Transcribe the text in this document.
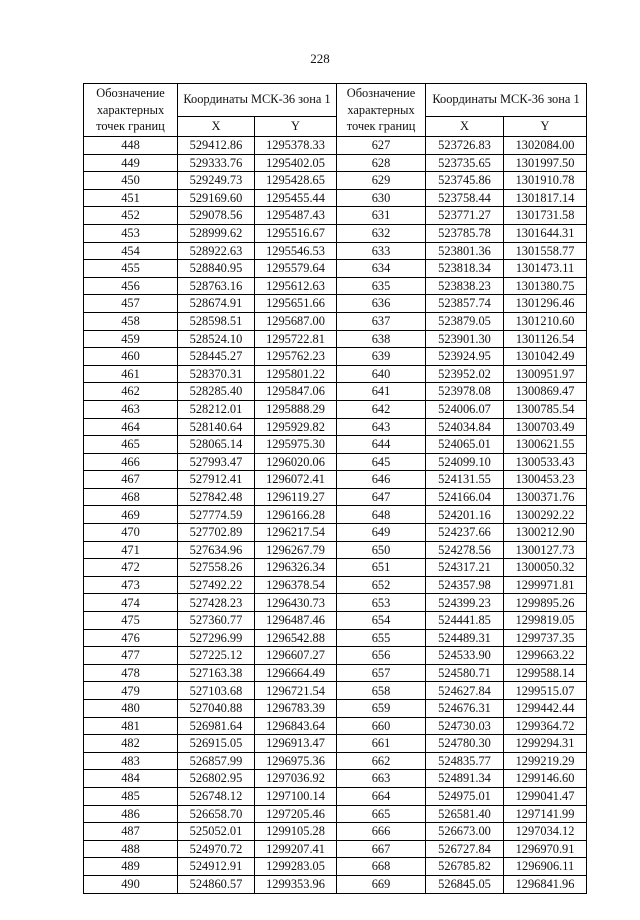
228
Обозначение характерных точек границ	Координаты МСК-36 зона 1		Обозначение характерных точек границ	Координаты МСК-36 зона 1	
	X	Y		X	Y
448	529412.86	1295378.33	627	523726.83	1302084.00
449	529333.76	1295402.05	628	523735.65	1301997.50
450	529249.73	1295428.65	629	523745.86	1301910.78
451	529169.60	1295455.44	630	523758.44	1301817.14
452	529078.56	1295487.43	631	523771.27	1301731.58
453	528999.62	1295516.67	632	523785.78	1301644.31
454	528922.63	1295546.53	633	523801.36	1301558.77
455	528840.95	1295579.64	634	523818.34	1301473.11
456	528763.16	1295612.63	635	523838.23	1301380.75
457	528674.91	1295651.66	636	523857.74	1301296.46
458	528598.51	1295687.00	637	523879.05	1301210.60
459	528524.10	1295722.81	638	523901.30	1301126.54
460	528445.27	1295762.23	639	523924.95	1301042.49
461	528370.31	1295801.22	640	523952.02	1300951.97
462	528285.40	1295847.06	641	523978.08	1300869.47
463	528212.01	1295888.29	642	524006.07	1300785.54
464	528140.64	1295929.82	643	524034.84	1300703.49
465	528065.14	1295975.30	644	524065.01	1300621.55
466	527993.47	1296020.06	645	524099.10	1300533.43
467	527912.41	1296072.41	646	524131.55	1300453.23
468	527842.48	1296119.27	647	524166.04	1300371.76
469	527774.59	1296166.28	648	524201.16	1300292.22
470	527702.89	1296217.54	649	524237.66	1300212.90
471	527634.96	1296267.79	650	524278.56	1300127.73
472	527558.26	1296326.34	651	524317.21	1300050.32
473	527492.22	1296378.54	652	524357.98	1299971.81
474	527428.23	1296430.73	653	524399.23	1299895.26
475	527360.77	1296487.46	654	524441.85	1299819.05
476	527296.99	1296542.88	655	524489.31	1299737.35
477	527225.12	1296607.27	656	524533.90	1299663.22
478	527163.38	1296664.49	657	524580.71	1299588.14
479	527103.68	1296721.54	658	524627.84	1299515.07
480	527040.88	1296783.39	659	524676.31	1299442.44
481	526981.64	1296843.64	660	524730.03	1299364.72
482	526915.05	1296913.47	661	524780.30	1299294.31
483	526857.99	1296975.36	662	524835.77	1299219.29
484	526802.95	1297036.92	663	524891.34	1299146.60
485	526748.12	1297100.14	664	524975.01	1299041.47
486	526658.70	1297205.46	665	526581.40	1297141.99
487	525052.01	1299105.28	666	526673.00	1297034.12
488	524970.72	1299207.41	667	526727.84	1296970.91
489	524912.91	1299283.05	668	526785.82	1296906.11
490	524860.57	1299353.96	669	526845.05	1296841.96
